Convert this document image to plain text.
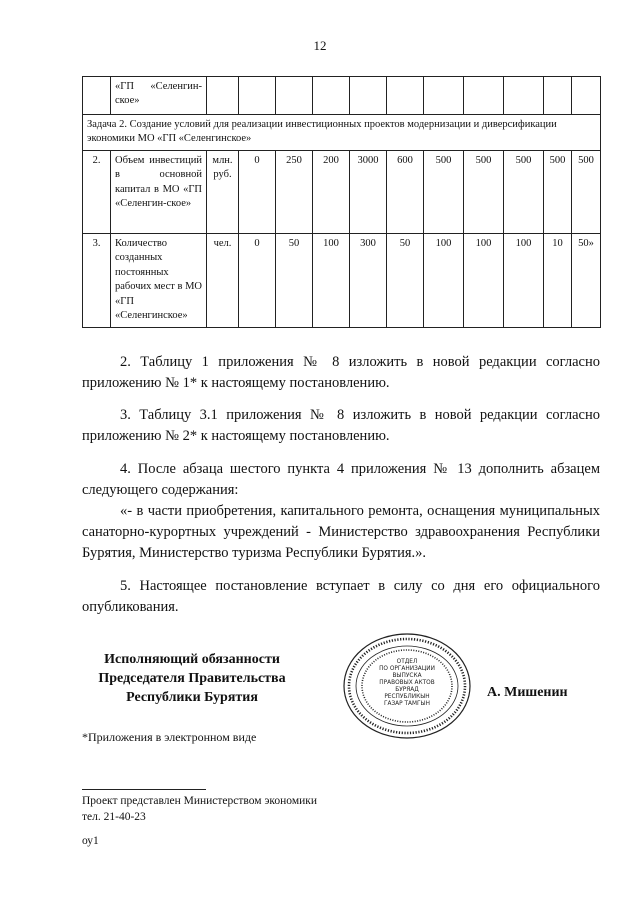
12
	«ГП «Селенгин-ское»											
Задача 2. Создание условий для реализации инвестиционных проектов модернизации и диверсификации экономики МО «ГП «Селенгинское»												
2.	Объем инвестиций в основной капитал в МО «ГП «Селенгин-ское»	млн. руб.	0	250	200	3000	600	500	500	500	500	500
3.	Количество созданных постоянных рабочих мест в МО «ГП «Селенгинское»	чел.	0	50	100	300	50	100	100	100	10	50»
2. Таблицу 1 приложения № 8 изложить в новой редакции согласно приложению № 1* к настоящему постановлению.
3. Таблицу 3.1 приложения № 8 изложить в новой редакции согласно приложению № 2* к настоящему постановлению.
4. После абзаца шестого пункта 4 приложения № 13 дополнить абзацем следующего содержания:
«- в части приобретения, капитального ремонта, оснащения муниципальных санаторно-курортных учреждений - Министерство здравоохранения Республики Бурятия, Министерство туризма Республики Бурятия.».
5. Настоящее постановление вступает в силу со дня его официального опубликования.
Исполняющий обязанности
Председателя Правительства
Республики Бурятия
ОТДЕЛ
ПО ОРГАНИЗАЦИИ
ВЫПУСКА
ПРАВОВЫХ АКТОВ
БУРЯАД
РЕСПУБЛИКЫН
ГАЗАР ТАМГЫН
А. Мишенин
*Приложения в электронном виде
Проект представлен Министерством экономики
тел. 21-40-23
оу1
